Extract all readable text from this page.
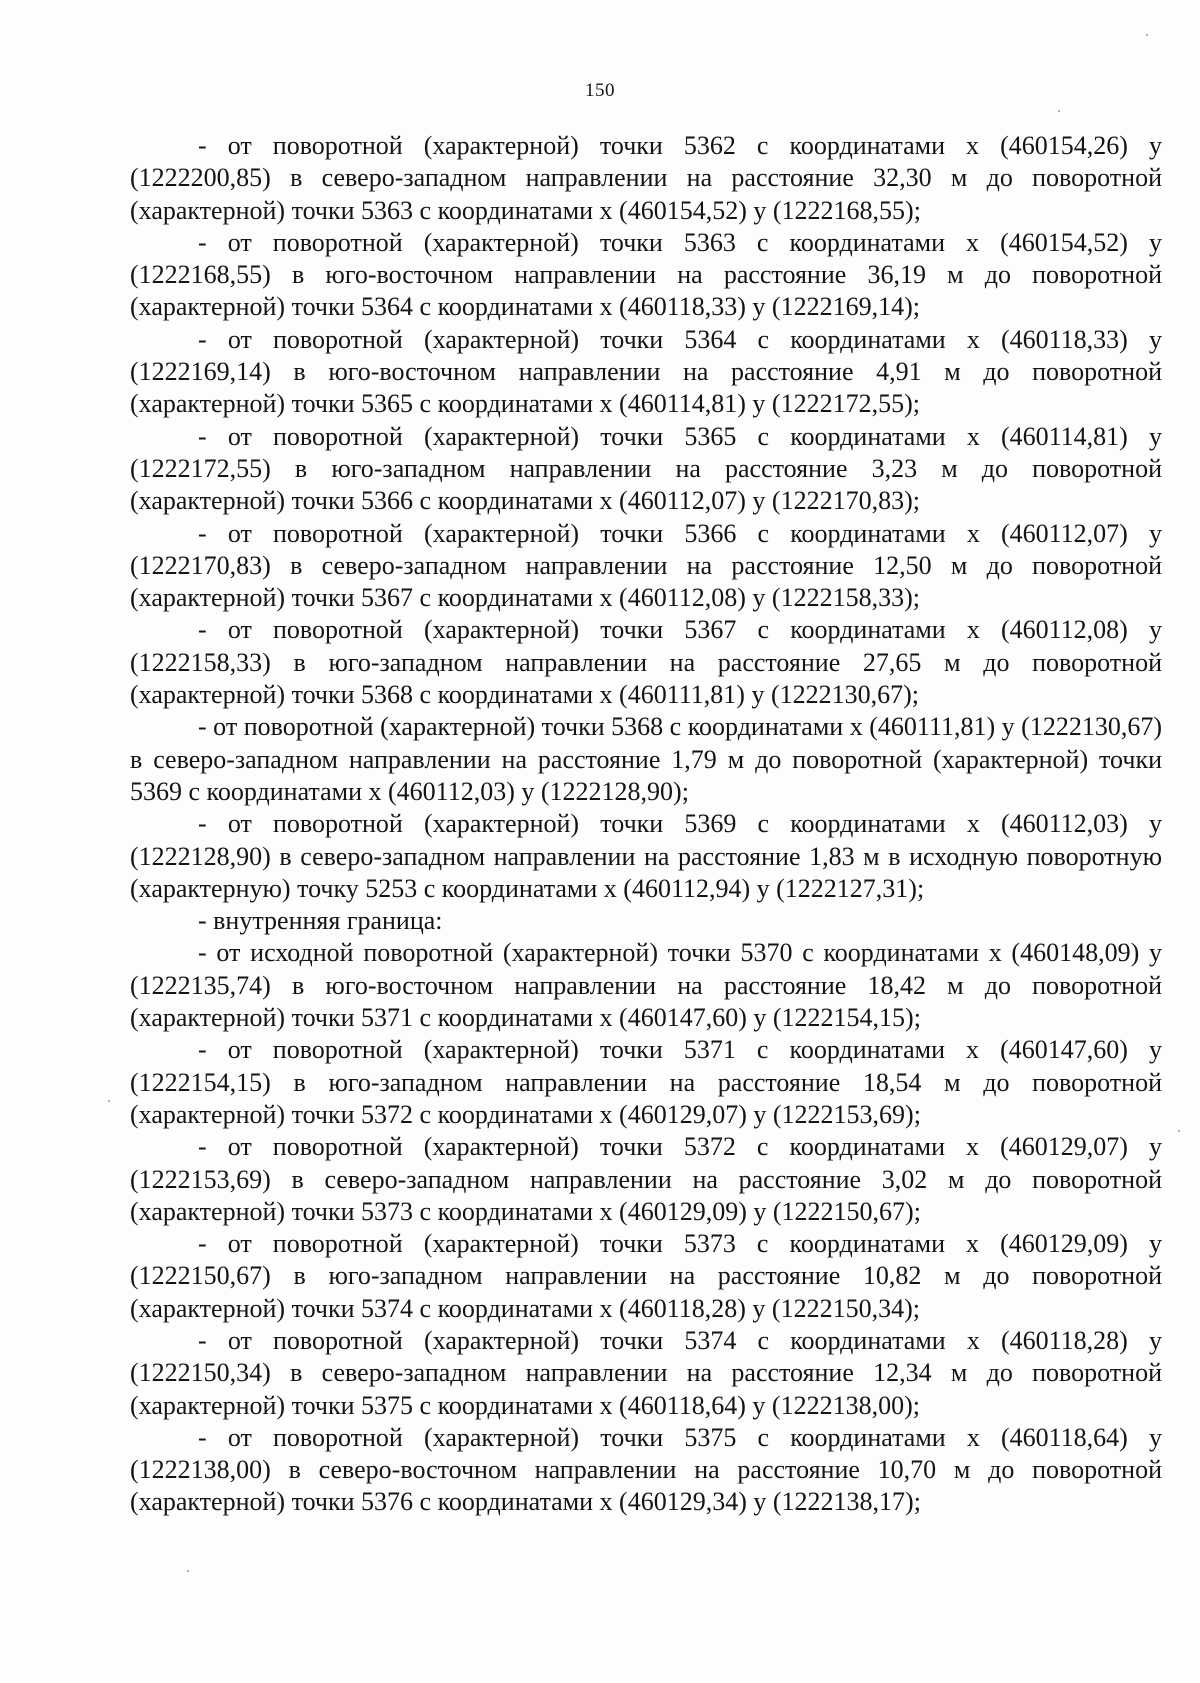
150

- от поворотной (характерной) точки 5362 с координатами х (460154,26) у (1222200,85) в северо-западном направлении на расстояние 32,30 м до поворотной (характерной) точки 5363 с координатами х (460154,52) у (1222168,55);

- от поворотной (характерной) точки 5363 с координатами х (460154,52) у (1222168,55) в юго-восточном направлении на расстояние 36,19 м до поворотной (характерной) точки 5364 с координатами х (460118,33) у (1222169,14);

- от поворотной (характерной) точки 5364 с координатами х (460118,33) у (1222169,14) в юго-восточном направлении на расстояние 4,91 м до поворотной (характерной) точки 5365 с координатами х (460114,81) у (1222172,55);

- от поворотной (характерной) точки 5365 с координатами х (460114,81) у (1222172,55) в юго-западном направлении на расстояние 3,23 м до поворотной (характерной) точки 5366 с координатами х (460112,07) у (1222170,83);

- от поворотной (характерной) точки 5366 с координатами х (460112,07) у (1222170,83) в северо-западном направлении на расстояние 12,50 м до поворотной (характерной) точки 5367 с координатами х (460112,08) у (1222158,33);

- от поворотной (характерной) точки 5367 с координатами х (460112,08) у (1222158,33) в юго-западном направлении на расстояние 27,65 м до поворотной (характерной) точки 5368 с координатами х (460111,81) у (1222130,67);

- от поворотной (характерной) точки 5368 с координатами х (460111,81) у (1222130,67) в северо-западном направлении на расстояние 1,79 м до поворотной (характерной) точки 5369 с координатами х (460112,03) у (1222128,90);

- от поворотной (характерной) точки 5369 с координатами х (460112,03) у (1222128,90) в северо-западном направлении на расстояние 1,83 м в исходную поворотную (характерную) точку 5253 с координатами х (460112,94) у (1222127,31);

- внутренняя граница:

- от исходной поворотной (характерной) точки 5370 с координатами х (460148,09) у (1222135,74) в юго-восточном направлении на расстояние 18,42 м до поворотной (характерной) точки 5371 с координатами х (460147,60) у (1222154,15);

- от поворотной (характерной) точки 5371 с координатами х (460147,60) у (1222154,15) в юго-западном направлении на расстояние 18,54 м до поворотной (характерной) точки 5372 с координатами х (460129,07) у (1222153,69);

- от поворотной (характерной) точки 5372 с координатами х (460129,07) у (1222153,69) в северо-западном направлении на расстояние 3,02 м до поворотной (характерной) точки 5373 с координатами х (460129,09) у (1222150,67);

- от поворотной (характерной) точки 5373 с координатами х (460129,09) у (1222150,67) в юго-западном направлении на расстояние 10,82 м до поворотной (характерной) точки 5374 с координатами х (460118,28) у (1222150,34);

- от поворотной (характерной) точки 5374 с координатами х (460118,28) у (1222150,34) в северо-западном направлении на расстояние 12,34 м до поворотной (характерной) точки 5375 с координатами х (460118,64) у (1222138,00);

- от поворотной (характерной) точки 5375 с координатами х (460118,64) у (1222138,00) в северо-восточном направлении на расстояние 10,70 м до поворотной (характерной) точки 5376 с координатами х (460129,34) у (1222138,17);
